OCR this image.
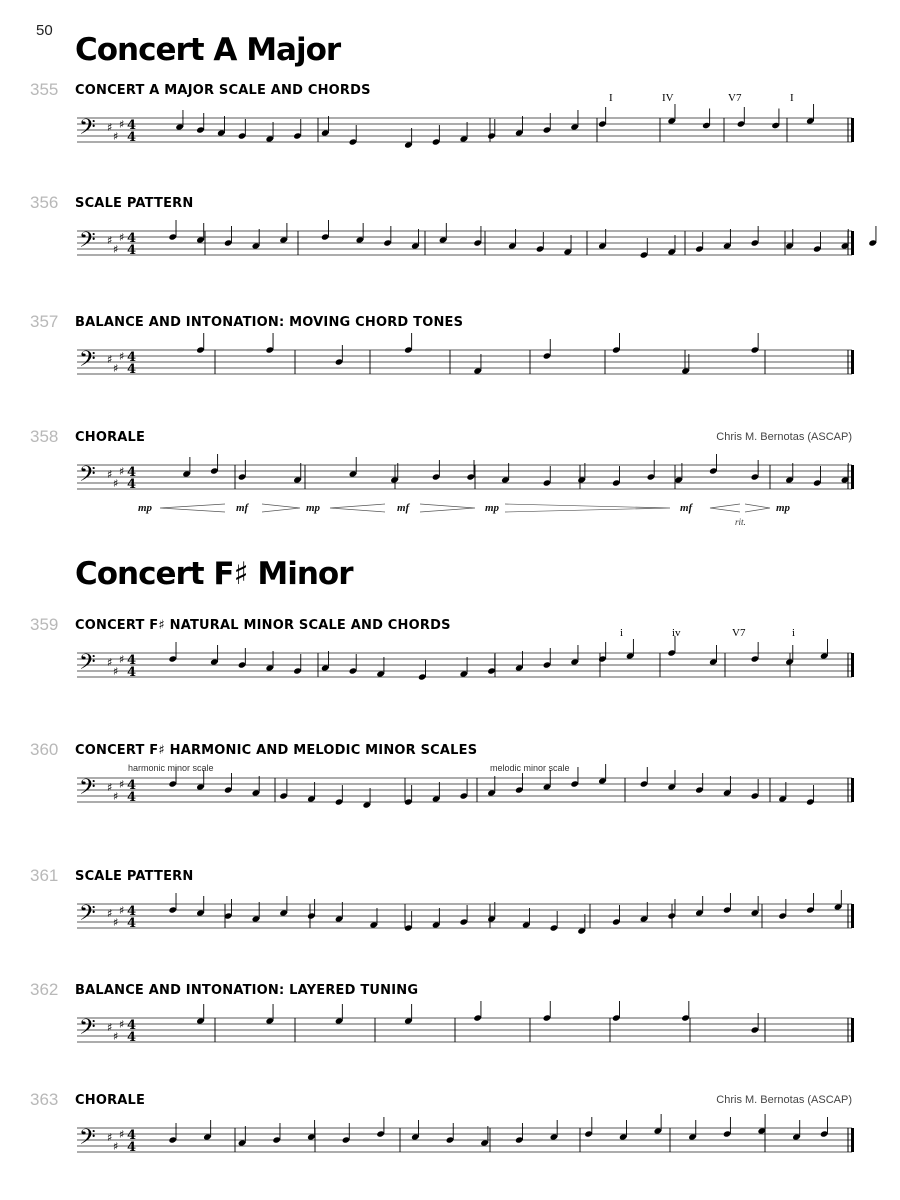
50
Concert A Major
Concert F♯ Minor
355 CONCERT A MAJOR SCALE AND CHORDS	I	IV	V7	I
𝄢 ♯
♯
♯ 4
4
356 SCALE PATTERN
𝄢 ♯
♯
♯ 4
4
357 BALANCE AND INTONATION: MOVING CHORD TONES
𝄢 ♯
♯
♯ 4
4
358 CHORALE	Chris M. Bernotas (ASCAP)
𝄢 ♯
♯
♯ 4
4
mp	mf	mp	mf	mp	mf	mp
rit.
359 CONCERT F♯ NATURAL MINOR SCALE AND CHORDS	i	iv	V7	i
𝄢 ♯
♯
♯ 4
4
360 CONCERT F♯ HARMONIC AND MELODIC MINOR SCALES
harmonic minor scale	melodic minor scale
𝄢 ♯
♯
♯ 4
4
361 SCALE PATTERN
𝄢 ♯
♯
♯ 4
4
362 BALANCE AND INTONATION: LAYERED TUNING
𝄢 ♯
♯
♯ 4
4
363 CHORALE	Chris M. Bernotas (ASCAP)
𝄢 ♯
♯
♯ 4
4
